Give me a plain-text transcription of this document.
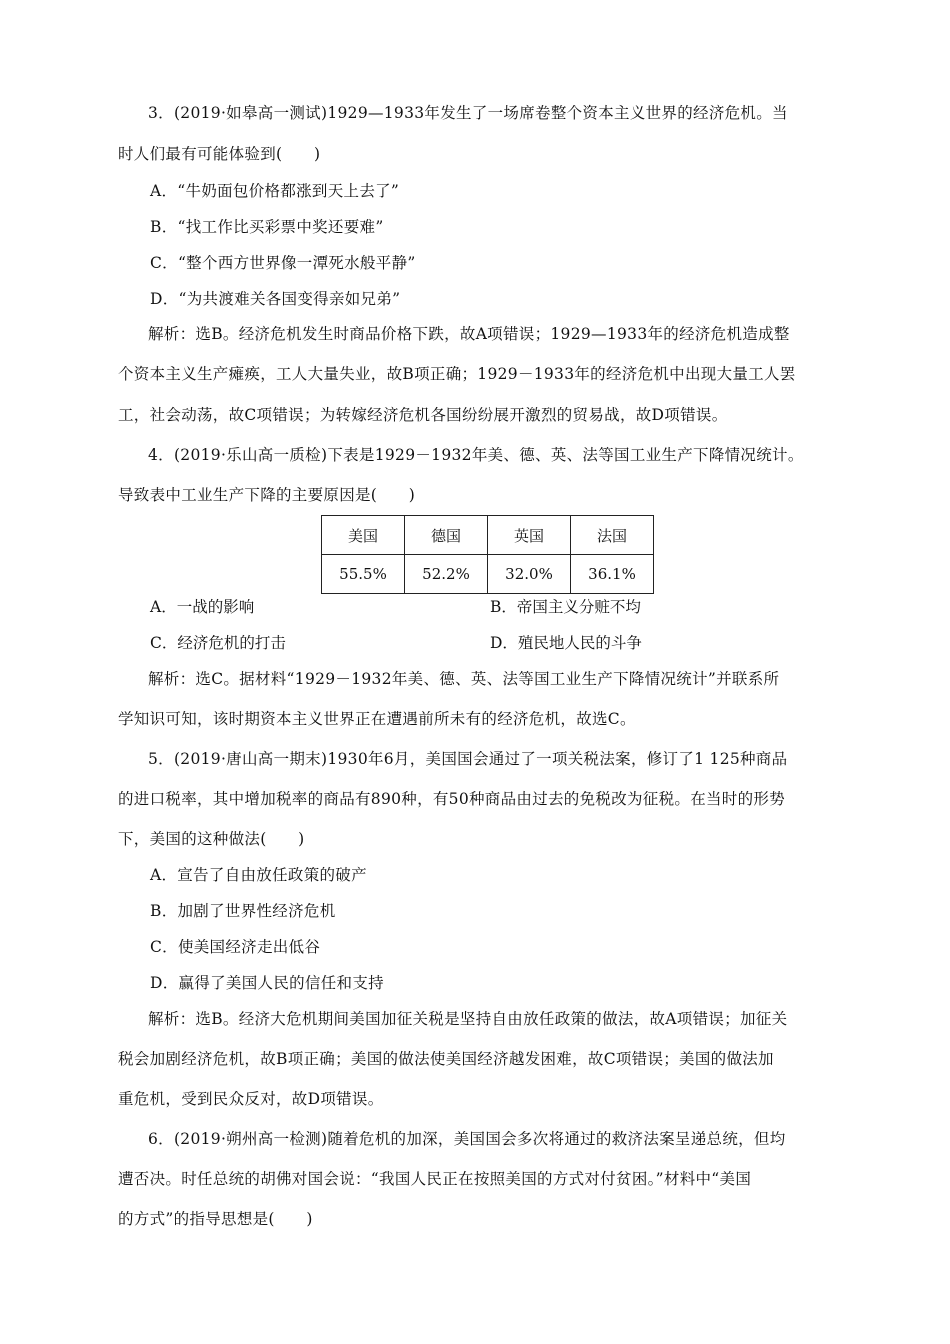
3．(2019·如皋高一测试)1929—1933年发生了一场席卷整个资本主义世界的经济危机。当
时人们最有可能体验到(　　)
A．“牛奶面包价格都涨到天上去了”
B．“找工作比买彩票中奖还要难”
C．“整个西方世界像一潭死水般平静”
D．“为共渡难关各国变得亲如兄弟”
解析：选B。经济危机发生时商品价格下跌，故A项错误；1929—1933年的经济危机造成整
个资本主义生产瘫痪，工人大量失业，故B项正确；1929－1933年的经济危机中出现大量工人罢
工，社会动荡，故C项错误；为转嫁经济危机各国纷纷展开激烈的贸易战，故D项错误。
4．(2019·乐山高一质检)下表是1929－1932年美、德、英、法等国工业生产下降情况统计。
导致表中工业生产下降的主要原因是(　　)
美国	德国	英国	法国
55.5%	52.2%	32.0%	36.1%
A．一战的影响	B．帝国主义分赃不均
C．经济危机的打击	D．殖民地人民的斗争
解析：选C。据材料“1929－1932年美、德、英、法等国工业生产下降情况统计”并联系所
学知识可知，该时期资本主义世界正在遭遇前所未有的经济危机，故选C。
5．(2019·唐山高一期末)1930年6月，美国国会通过了一项关税法案，修订了1 125种商品
的进口税率，其中增加税率的商品有890种，有50种商品由过去的免税改为征税。在当时的形势
下，美国的这种做法(　　)
A．宣告了自由放任政策的破产
B．加剧了世界性经济危机
C．使美国经济走出低谷
D．赢得了美国人民的信任和支持
解析：选B。经济大危机期间美国加征关税是坚持自由放任政策的做法，故A项错误；加征关
税会加剧经济危机，故B项正确；美国的做法使美国经济越发困难，故C项错误；美国的做法加
重危机，受到民众反对，故D项错误。
6．(2019·朔州高一检测)随着危机的加深，美国国会多次将通过的救济法案呈递总统，但均
遭否决。时任总统的胡佛对国会说：“我国人民正在按照美国的方式对付贫困。”材料中“美国
的方式”的指导思想是(　　)
